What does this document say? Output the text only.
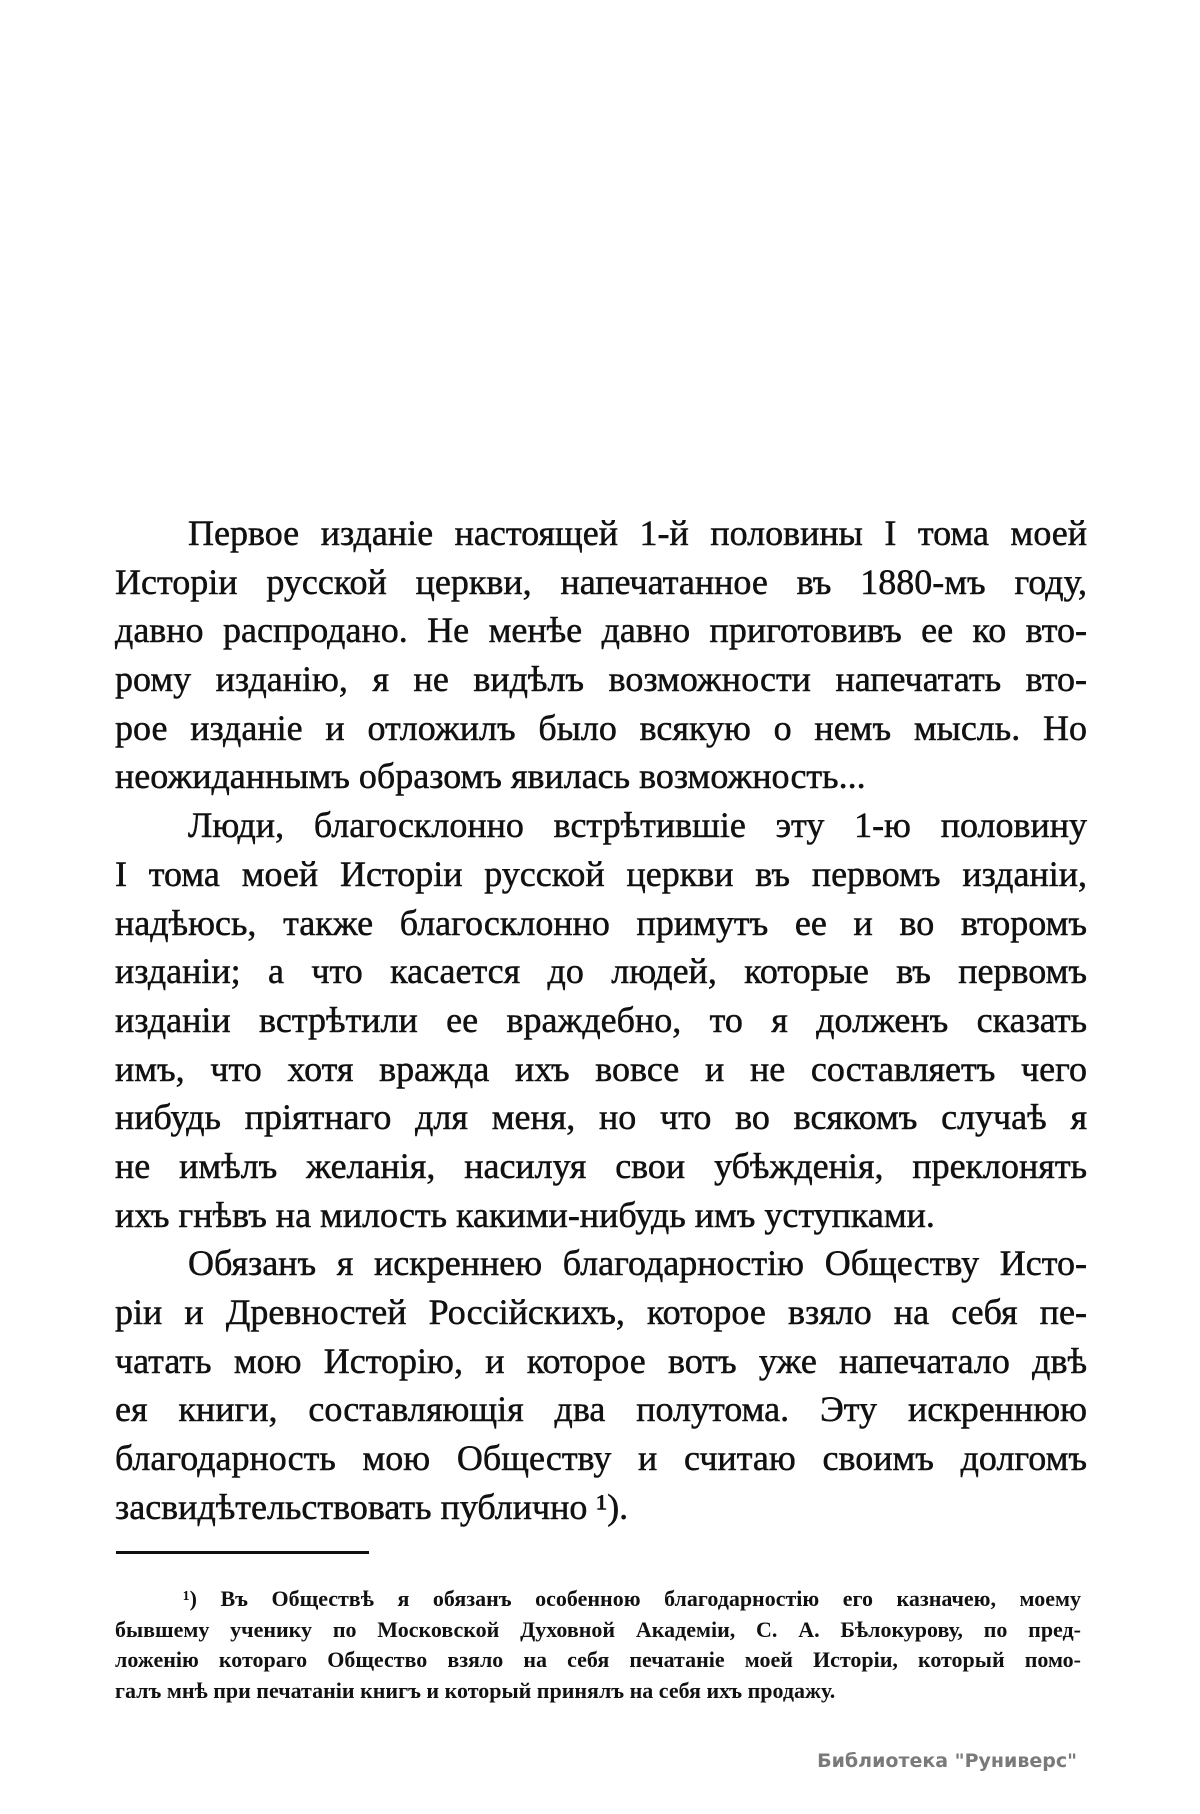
Первое изданіе настоящей 1-й половины I тома моей
Исторіи русской церкви, напечатанное въ 1880-мъ году,
давно распродано. Не менѣе давно приготовивъ ее ко вто-
рому изданію, я не видѣлъ возможности напечатать вто-
рое изданіе и отложилъ было всякую о немъ мысль. Но
неожиданнымъ образомъ явилась возможность...
Люди, благосклонно встрѣтившіе эту 1-ю половину
I тома моей Исторіи русской церкви въ первомъ изданіи,
надѣюсь, также благосклонно примутъ ее и во второмъ
изданіи; а что касается до людей, которые въ первомъ
изданіи встрѣтили ее враждебно, то я долженъ сказать
имъ, что хотя вражда ихъ вовсе и не составляетъ чего
нибудь пріятнаго для меня, но что во всякомъ случаѣ я
не имѣлъ желанія, насилуя свои убѣжденія, преклонять
ихъ гнѣвъ на милость какими-нибудь имъ уступками.
Обязанъ я искреннею благодарностію Обществу Исто-
ріи и Древностей Россійскихъ, которое взяло на себя пе-
чатать мою Исторію, и которое вотъ уже напечатало двѣ
ея книги, составляющія два полутома. Эту искреннюю
благодарность мою Обществу и считаю своимъ долгомъ
засвидѣтельствовать публично ¹).
¹) Въ Обществѣ я обязанъ особенною благодарностію его казначею, моему
бывшему ученику по Московской Духовной Академіи, С. А. Бѣлокурову, по пред-
ложенію котораго Общество взяло на себя печатаніе моей Исторіи, который помо-
галъ мнѣ при печатаніи книгъ и который принялъ на себя ихъ продажу.
Библиотека "Руниверс"
